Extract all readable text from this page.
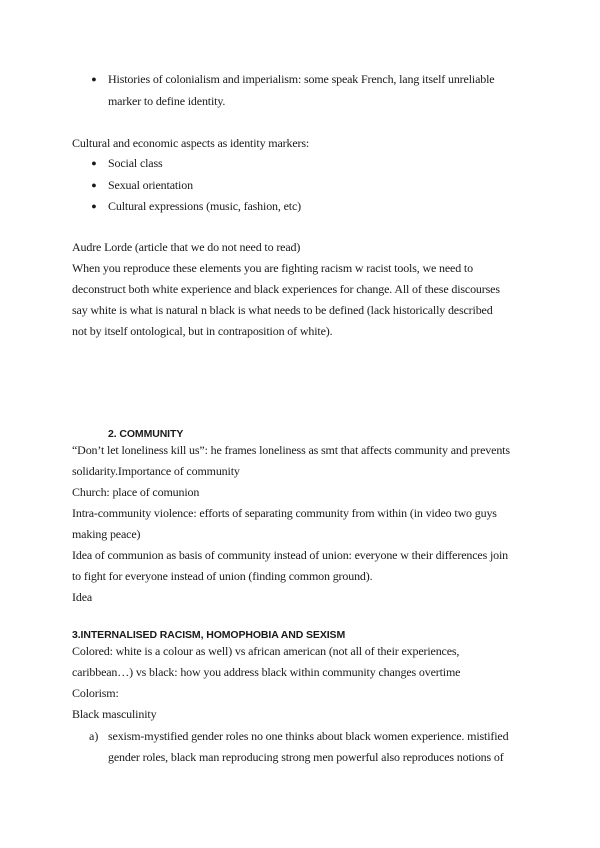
● Histories of colonialism and imperialism: some speak French, lang itself unreliable
marker to define identity.
Cultural and economic aspects as identity markers:
● Social class
● Sexual orientation
● Cultural expressions (music, fashion, etc)
Audre Lorde (article that we do not need to read)
When you reproduce these elements you are fighting racism w racist tools, we need to
deconstruct both white experience and black experiences for change. All of these discourses
say white is what is natural n black is what needs to be defined (lack historically described
not by itself ontological, but in contraposition of white).
2. COMMUNITY
“Don’t let loneliness kill us”: he frames loneliness as smt that affects community and prevents
solidarity.Importance of community
Church: place of comunion
Intra-community violence: efforts of separating community from within (in video two guys
making peace)
Idea of communion as basis of community instead of union: everyone w their differences join
to fight for everyone instead of union (finding common ground).
Idea
3.INTERNALISED RACISM, HOMOPHOBIA AND SEXISM
Colored: white is a colour as well) vs african american (not all of their experiences,
caribbean…) vs black: how you address black within community changes overtime
Colorism:
Black masculinity
a) sexism-mystified gender roles no one thinks about black women experience. mistified
gender roles, black man reproducing strong men powerful also reproduces notions of
